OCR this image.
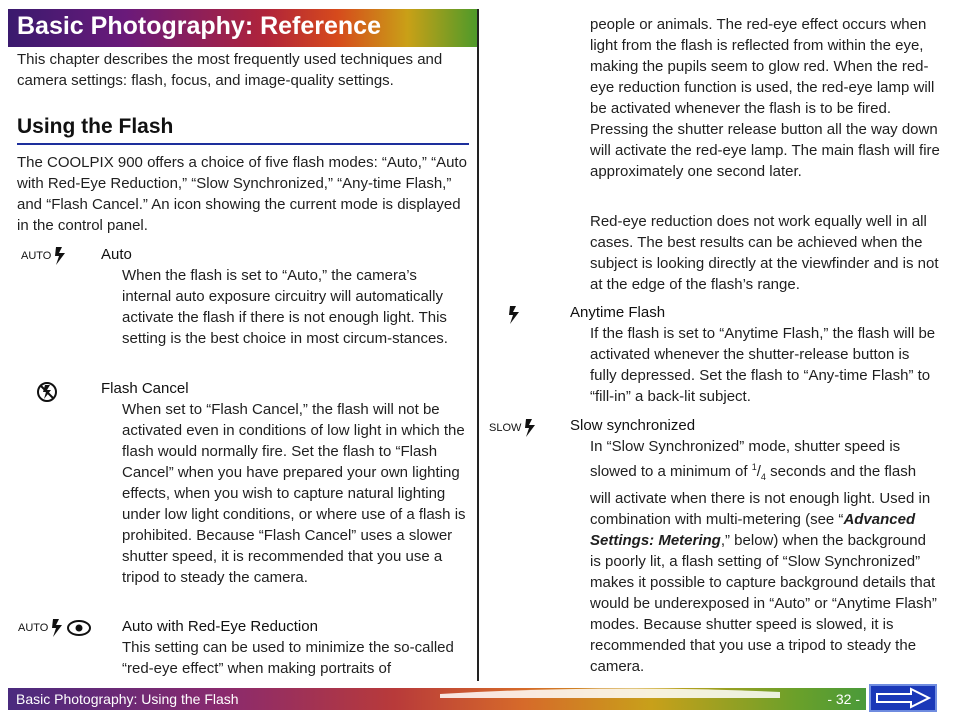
Basic Photography: Reference
This chapter describes the most frequently used techniques and camera settings: flash, focus, and image-quality settings.
Using the Flash
The COOLPIX 900 offers a choice of five flash modes: “Auto,” “Auto with Red-Eye Reduction,” “Slow Synchronized,” “Any-time Flash,” and “Flash Cancel.” An icon showing the current mode is displayed in the control panel.
AUTO	Auto
When the flash is set to “Auto,” the camera’s internal auto exposure circuitry will automatically activate the flash if there is not enough light. This setting is the best choice in most circum-stances.
Flash Cancel
When set to “Flash Cancel,” the flash will not be activated even in conditions of low light in which the flash would normally fire. Set the flash to “Flash Cancel” when you have prepared your own lighting effects, when you wish to capture natural lighting under low light conditions, or where use of a flash is prohibited. Because “Flash Cancel” uses a slower shutter speed, it is recommended that you use a tripod to steady the camera.
AUTO	Auto with Red-Eye Reduction
This setting can be used to minimize the so-called “red-eye effect” when making portraits of
people or animals. The red-eye effect occurs when light from the flash is reflected from within the eye, making the pupils seem to glow red. When the red-eye reduction function is used, the red-eye lamp will be activated whenever the flash is to be fired. Pressing the shutter release button all the way down will activate the red-eye lamp. The main flash will fire approximately one second later.
Red-eye reduction does not work equally well in all cases. The best results can be achieved when the subject is looking directly at the viewfinder and is not at the edge of the flash’s range.
Anytime Flash
If the flash is set to “Anytime Flash,” the flash will be activated whenever the shutter-release button is fully depressed. Set the flash to “Any-time Flash” to “fill-in” a back-lit subject.
SLOW	Slow synchronized
In “Slow Synchronized” mode, shutter speed is slowed to a minimum of $^1/_4$ seconds and the flash will activate when there is not enough light. Used in combination with multi-metering (see “Advanced Settings: Metering,” below) when the background is poorly lit, a flash setting of “Slow Synchronized” makes it possible to capture background details that would be underexposed in “Auto” or “Anytime Flash” modes. Because shutter speed is slowed, it is recommended that you use a tripod to steady the camera.
Basic Photography: Using the Flash	- 32 -
